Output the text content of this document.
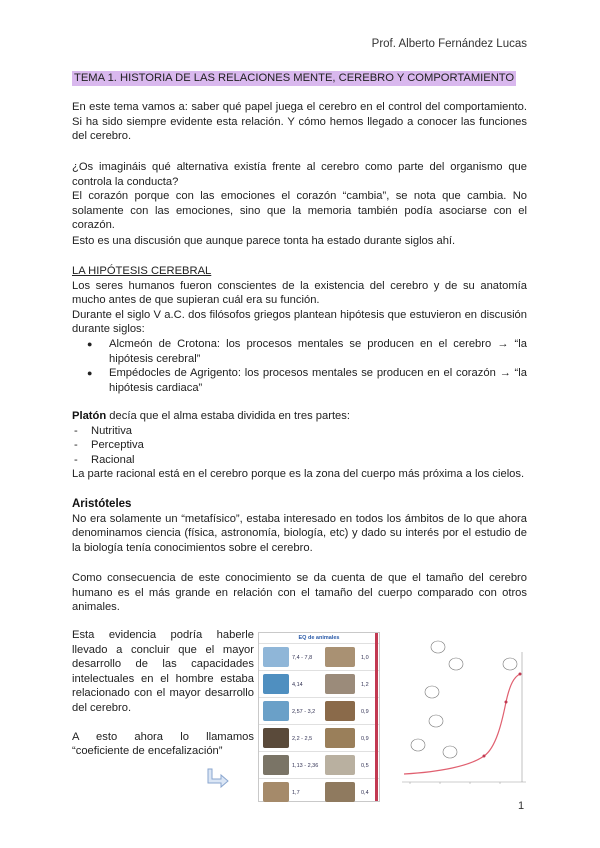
Prof. Alberto Fernández Lucas
TEMA 1. HISTORIA DE LAS RELACIONES MENTE, CEREBRO Y COMPORTAMIENTO

En este tema vamos a: saber qué papel juega el cerebro en el control del comportamiento. Si ha sido siempre evidente esta relación. Y cómo hemos llegado a conocer las funciones del cerebro.

¿Os imagináis qué alternativa existía frente al cerebro como parte del organismo que controla la conducta?

El corazón porque con las emociones el corazón “cambia”, se nota que cambia. No solamente con las emociones, sino que la memoria también podía asociarse con el corazón.

Esto es una discusión que aunque parece tonta ha estado durante siglos ahí.

LA HIPÓTESIS CEREBRAL

Los seres humanos fueron conscientes de la existencia del cerebro y de su anatomía mucho antes de que supieran cuál era su función.

Durante el siglo V a.C. dos filósofos griegos plantean hipótesis que estuvieron en discusión durante siglos:

● Alcmeón de Crotona: los procesos mentales se producen en el cerebro → “la hipótesis cerebral”
● Empédocles de Agrigento: los procesos mentales se producen en el corazón → “la hipótesis cardiaca”

Platón decía que el alma estaba dividida en tres partes:

- Nutritiva
- Perceptiva
- Racional

La parte racional está en el cerebro porque es la zona del cuerpo más próxima a los cielos.

Aristóteles

No era solamente un “metafísico”, estaba interesado en todos los ámbitos de lo que ahora denominamos ciencia (física, astronomía, biología, etc) y dado su interés por el estudio de la biología tenía conocimientos sobre el cerebro.

Como consecuencia de este conocimiento se da cuenta de que el tamaño del cerebro humano es el más grande en relación con el tamaño del cuerpo comparado con otros animales.

Esta evidencia podría haberle llevado a concluir que el mayor desarrollo de las capacidades intelectuales en el hombre estaba relacionado con el mayor desarrollo del cerebro.

A esto ahora lo llamamos “coeficiente de encefalización”

EQ de animales
7,4 - 7,8	1,0
4,14	1,2
2,57 - 3,2	0,9
2,2 - 2,5	0,9
1,13 - 2,36	0,5
1,7	0,4
1
